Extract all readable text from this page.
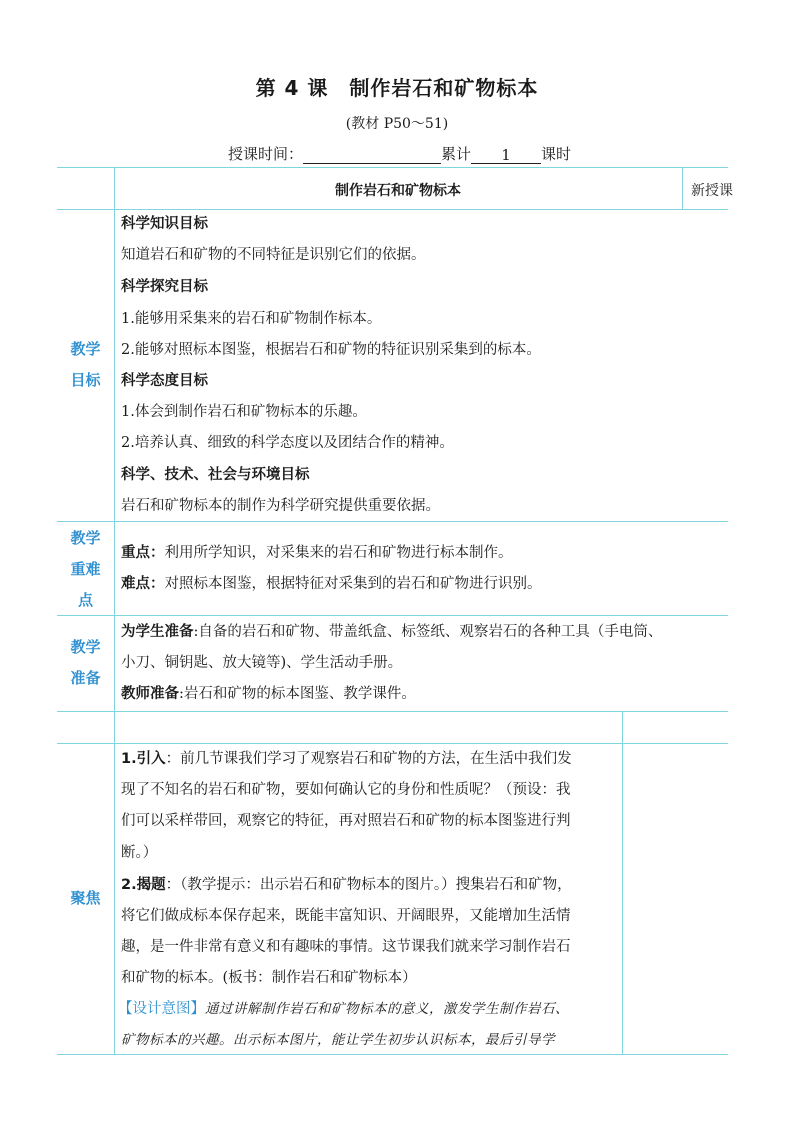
第 4 课　制作岩石和矿物标本
(教材 P50～51)
授课时间：	累计 1 课时
制作岩石和矿物标本	新授课
教学
目标
科学知识目标
知道岩石和矿物的不同特征是识别它们的依据。
科学探究目标
1.能够用采集来的岩石和矿物制作标本。
2.能够对照标本图鉴，根据岩石和矿物的特征识别采集到的标本。
科学态度目标
1.体会到制作岩石和矿物标本的乐趣。
2.培养认真、细致的科学态度以及团结合作的精神。
科学、技术、社会与环境目标
岩石和矿物标本的制作为科学研究提供重要依据。
教学
重难
点
重点：利用所学知识，对采集来的岩石和矿物进行标本制作。
难点：对照标本图鉴，根据特征对采集到的岩石和矿物进行识别。
教学
准备
为学生准备:自备的岩石和矿物、带盖纸盒、标签纸、观察岩石的各种工具（手电筒、
小刀、铜钥匙、放大镜等)、学生活动手册。
教师准备:岩石和矿物的标本图鉴、教学课件。
聚焦
1.引入：前几节课我们学习了观察岩石和矿物的方法，在生活中我们发
现了不知名的岩石和矿物，要如何确认它的身份和性质呢？（预设：我
们可以采样带回，观察它的特征，再对照岩石和矿物的标本图鉴进行判
断。）
2.揭题：（教学提示：出示岩石和矿物标本的图片。）搜集岩石和矿物，
将它们做成标本保存起来，既能丰富知识、开阔眼界，又能增加生活情
趣，是一件非常有意义和有趣味的事情。这节课我们就来学习制作岩石
和矿物的标本。(板书：制作岩石和矿物标本）
【设计意图】通过讲解制作岩石和矿物标本的意义，激发学生制作岩石、
矿物标本的兴趣。出示标本图片，能让学生初步认识标本，最后引导学
